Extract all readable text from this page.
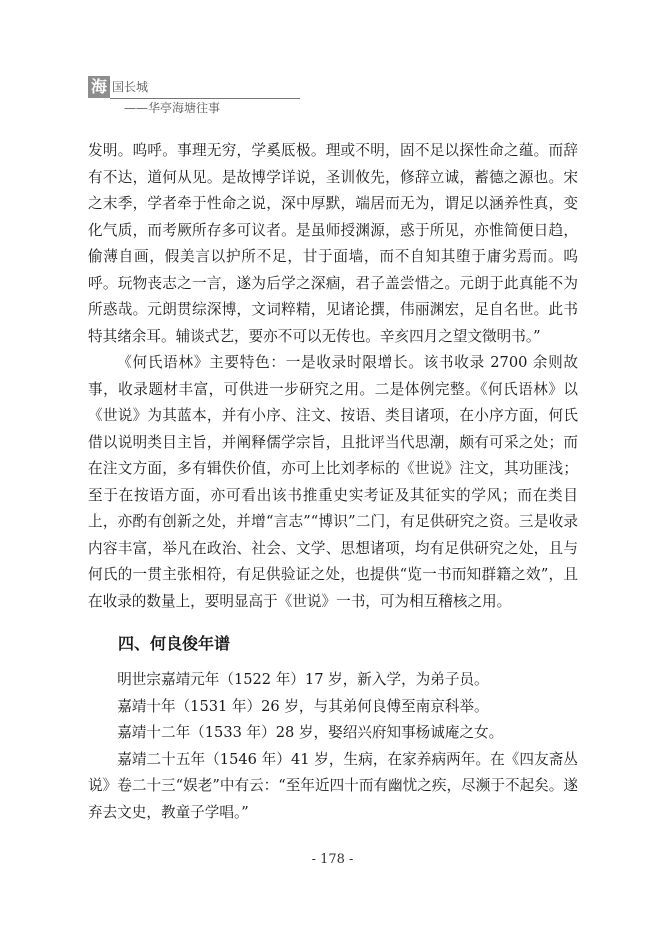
海 国长城
——华亭海塘往事

发明。呜呼。事理无穷，学奚厎极。理或不明，固不足以探性命之蕴。而辞有不达，道何从见。是故博学详说，圣训攸先，修辞立诚，蓄德之源也。宋之末季，学者牵于性命之说，深中厚默，端居而无为，谓足以涵养性真，变化气质，而考厥所存多可议者。是虽师授渊源，惑于所见，亦惟简便日趋，偷薄自画，假美言以护所不足，甘于面墙，而不自知其堕于庸劣焉而。呜呼。玩物丧志之一言，遂为后学之深痼，君子盖尝惜之。元朗于此真能不为所惑哉。元朗贯综深博，文词粹精，见诸论撰，伟丽渊宏，足自名世。此书特其绪余耳。辅谈式艺，要亦不可以无传也。辛亥四月之望文徵明书。”

《何氏语林》主要特色：一是收录时限增长。该书收录 2700 余则故事，收录题材丰富，可供进一步研究之用。二是体例完整。《何氏语林》以《世说》为其蓝本，并有小序、注文、按语、类目诸项，在小序方面，何氏借以说明类目主旨，并阐释儒学宗旨，且批评当代思潮，颇有可采之处；而在注文方面，多有辑佚价值，亦可上比刘孝标的《世说》注文，其功匪浅；至于在按语方面，亦可看出该书推重史实考证及其征实的学风；而在类目上，亦酌有创新之处，并增“言志”“博识”二门，有足供研究之资。三是收录内容丰富，举凡在政治、社会、文学、思想诸项，均有足供研究之处，且与何氏的一贯主张相符，有足供验证之处，也提供“览一书而知群籍之效”，且在收录的数量上，要明显高于《世说》一书，可为相互稽核之用。

四、何良俊年谱

明世宗嘉靖元年（1522 年）17 岁，新入学，为弟子员。

嘉靖十年（1531 年）26 岁，与其弟何良傅至南京科举。

嘉靖十二年（1533 年）28 岁，娶绍兴府知事杨诚庵之女。

嘉靖二十五年（1546 年）41 岁，生病，在家养病两年。在《四友斋丛说》卷二十三“娱老”中有云：“至年近四十而有幽忧之疾，尽濒于不起矣。遂弃去文史，教童子学唱。”

- 178 -
